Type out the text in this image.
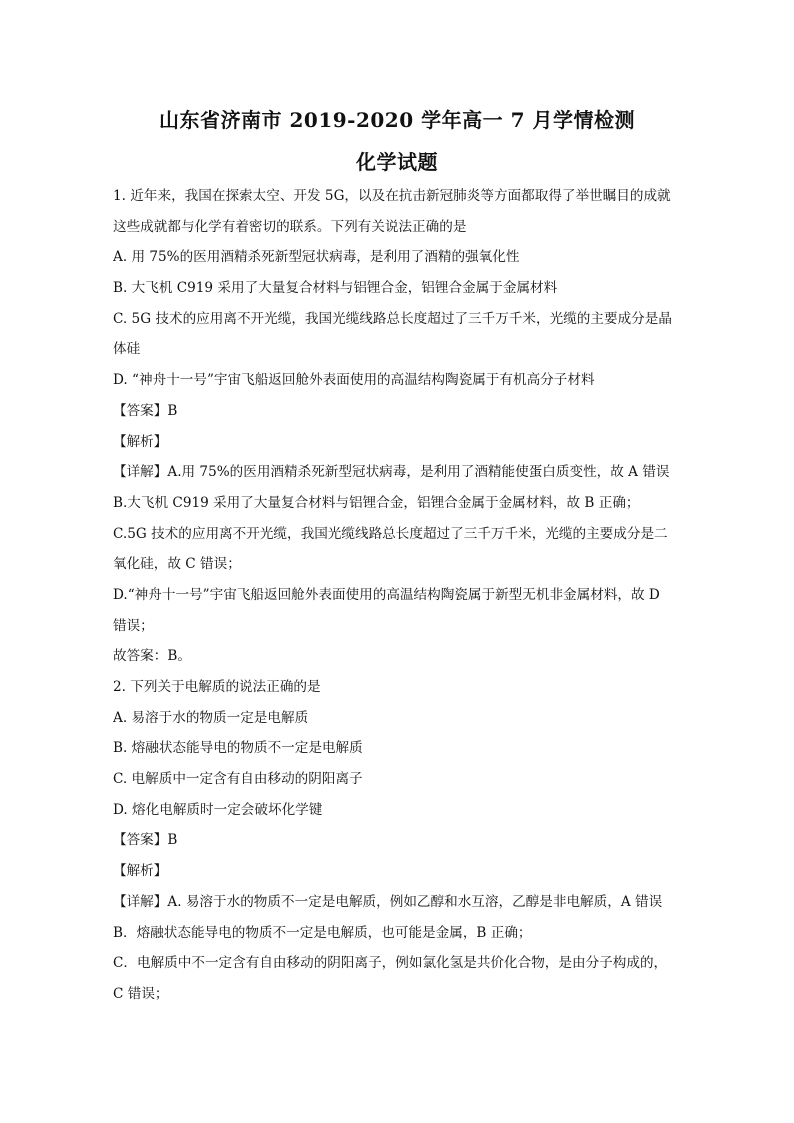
山东省济南市 2019-2020 学年高一 7 月学情检测
化学试题
1. 近年来，我国在探索太空、开发 5G，以及在抗击新冠肺炎等方面都取得了举世瞩目的成就
这些成就都与化学有着密切的联系。下列有关说法正确的是
A. 用 75%的医用酒精杀死新型冠状病毒，是利用了酒精的强氧化性
B. 大飞机 C919 采用了大量复合材料与铝锂合金，铝锂合金属于金属材料
C. 5G 技术的应用离不开光缆，我国光缆线路总长度超过了三千万千米，光缆的主要成分是晶
体硅
D. “神舟十一号”宇宙飞船返回舱外表面使用的高温结构陶瓷属于有机高分子材料
【答案】B
【解析】
【详解】A.用 75%的医用酒精杀死新型冠状病毒，是利用了酒精能使蛋白质变性，故 A 错误
B.大飞机 C919 采用了大量复合材料与铝锂合金，铝锂合金属于金属材料，故 B 正确；
C.5G 技术的应用离不开光缆，我国光缆线路总长度超过了三千万千米，光缆的主要成分是二
氧化硅，故 C 错误；
D.“神舟十一号”宇宙飞船返回舱外表面使用的高温结构陶瓷属于新型无机非金属材料，故 D
错误；
故答案：B。
2. 下列关于电解质的说法正确的是
A. 易溶于水的物质一定是电解质
B. 熔融状态能导电的物质不一定是电解质
C. 电解质中一定含有自由移动的阴阳离子
D. 熔化电解质时一定会破坏化学键
【答案】B
【解析】
【详解】A. 易溶于水的物质不一定是电解质，例如乙醇和水互溶，乙醇是非电解质，A 错误
B．熔融状态能导电的物质不一定是电解质，也可能是金属，B 正确；
C．电解质中不一定含有自由移动的阴阳离子，例如氯化氢是共价化合物，是由分子构成的，
C 错误；
